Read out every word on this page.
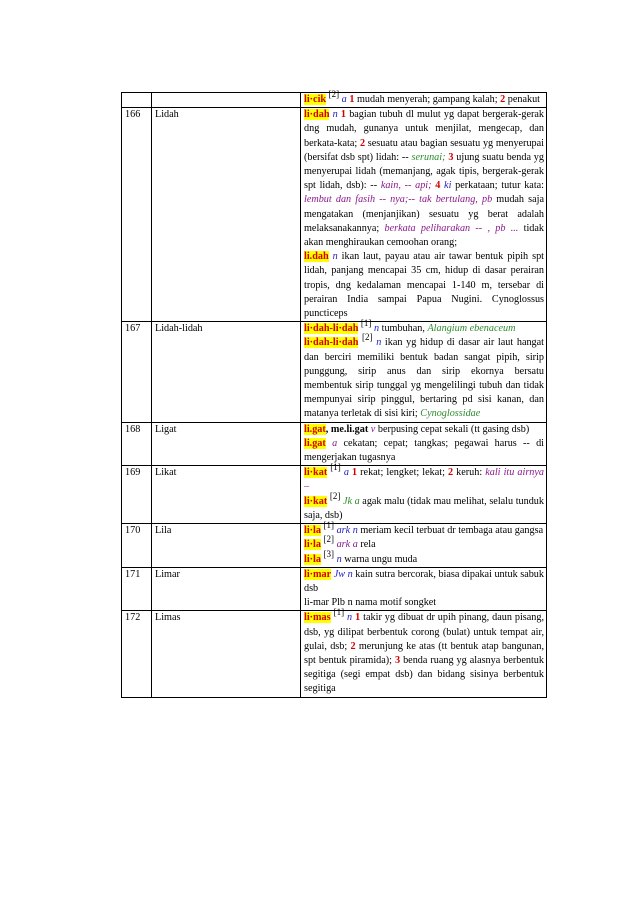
		li·cik [2] a 1 mudah menyerah; gampang kalah; 2 penakut

166	Lidah	li·dah n 1 bagian tubuh dl mulut yg dapat bergerak-gerak dng mudah, gunanya untuk menjilat, mengecap, dan berkata-kata; 2 sesuatu atau bagian sesuatu yg menyerupai (bersifat dsb spt) lidah: -- serunai; 3 ujung suatu benda yg menyerupai lidah (memanjang, agak tipis, bergerak-gerak spt lidah, dsb): -- kain, -- api; 4 ki perkataan; tutur kata: lembut dan fasih -- nya;-- tak bertulang, pb mudah saja mengatakan (menjanjikan) sesuatu yg berat adalah melaksanakannya; berkata peliharakan -- , pb ... tidak akan menghiraukan cemoohan orang;
li.dah n ikan laut, payau atau air tawar bentuk pipih spt lidah, panjang mencapai 35 cm, hidup di dasar perairan tropis, dng kedalaman mencapai 1-140 m, tersebar di perairan India sampai Papua Nugini. Cynoglossus puncticeps

167	Lidah-lidah	li·dah-li·dah [1] n tumbuhan, Alangium ebenaceum
li·dah-li·dah [2] n ikan yg hidup di dasar air laut hangat dan berciri memiliki bentuk badan sangat pipih, sirip punggung, sirip anus dan sirip ekornya bersatu membentuk sirip tunggal yg mengelilingi tubuh dan tidak mempunyai sirip pinggul, bertaring pd sisi kanan, dan matanya terletak di sisi kiri; Cynoglossidae

168	Ligat	li.gat, me.li.gat v berpusing cepat sekali (tt gasing dsb)
li.gat a cekatan; cepat; tangkas; pegawai harus -- di mengerjakan tugasnya

169	Likat	li·kat [1] a 1 rekat; lengket; lekat; 2 keruh: kali itu airnya –
li·kat [2] Jk a agak malu (tidak mau melihat, selalu tunduk saja, dsb)

170	Lila	li·la [1] ark n meriam kecil terbuat dr tembaga atau gangsa
li·la [2] ark a rela
li·la [3] n warna ungu muda

171	Limar	li·mar Jw n kain sutra bercorak, biasa dipakai untuk sabuk dsb
li-mar Plb n nama motif songket

172	Limas	li·mas [1] n 1 takir yg dibuat dr upih pinang, daun pisang, dsb, yg dilipat berbentuk corong (bulat) untuk tempat air, gulai, dsb; 2 merunjung ke atas (tt bentuk atap bangunan, spt bentuk piramida); 3 benda ruang yg alasnya berbentuk segitiga (segi empat dsb) dan bidang sisinya berbentuk segitiga
